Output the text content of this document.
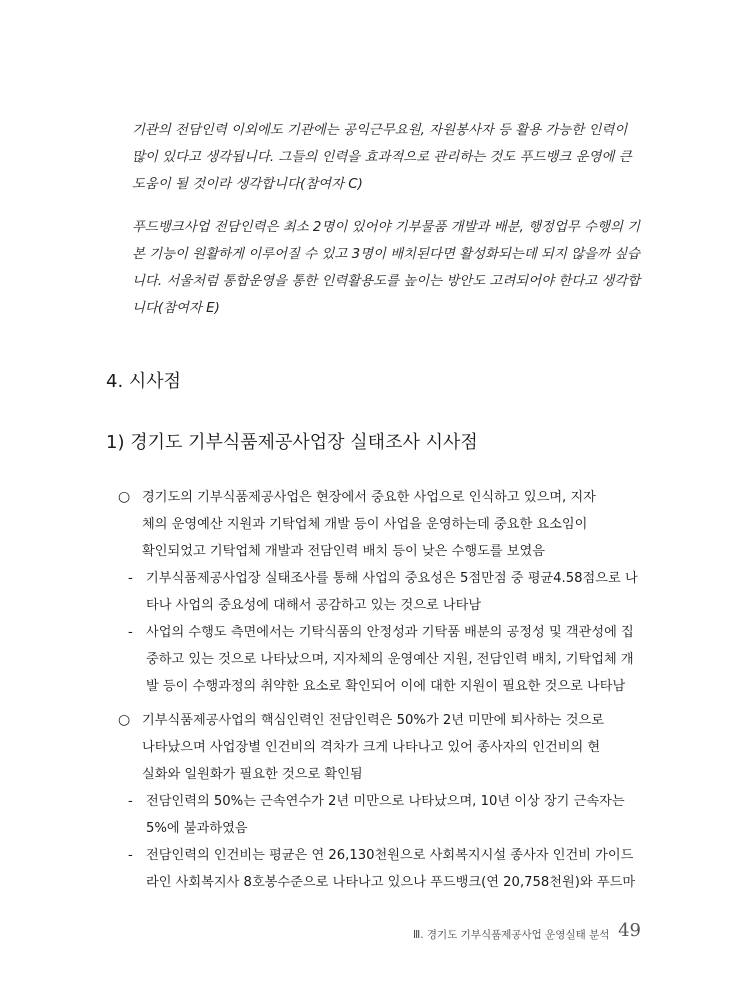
기관의 전담인력 이외에도 기관에는 공익근무요원, 자원봉사자 등 활용 가능한 인력이
많이 있다고 생각됩니다. 그들의 인력을 효과적으로 관리하는 것도 푸드뱅크 운영에 큰
도움이 될 것이라 생각합니다(참여자 C)
푸드뱅크사업 전담인력은 최소 2명이 있어야 기부물품 개발과 배분, 행정업무 수행의 기
본 기능이 원활하게 이루어질 수 있고 3명이 배치된다면 활성화되는데 되지 않을까 싶습
니다. 서울처럼 통합운영을 통한 인력활용도를 높이는 방안도 고려되어야 한다고 생각합
니다(참여자 E)
4. 시사점
1) 경기도 기부식품제공사업장 실태조사 시사점
○ 경기도의 기부식품제공사업은 현장에서 중요한 사업으로 인식하고 있으며, 지자
체의 운영예산 지원과 기탁업체 개발 등이 사업을 운영하는데 중요한 요소임이
확인되었고 기탁업체 개발과 전담인력 배치 등이 낮은 수행도를 보였음
- 기부식품제공사업장 실태조사를 통해 사업의 중요성은 5점만점 중 평균4.58점으로 나
타나 사업의 중요성에 대해서 공감하고 있는 것으로 나타남
- 사업의 수행도 측면에서는 기탁식품의 안정성과 기탁품 배분의 공정성 및 객관성에 집
중하고 있는 것으로 나타났으며, 지자체의 운영예산 지원, 전담인력 배치, 기탁업체 개
발 등이 수행과정의 취약한 요소로 확인되어 이에 대한 지원이 필요한 것으로 나타남
○ 기부식품제공사업의 핵심인력인 전담인력은 50%가 2년 미만에 퇴사하는 것으로
나타났으며 사업장별 인건비의 격차가 크게 나타나고 있어 종사자의 인건비의 현
실화와 일원화가 필요한 것으로 확인됨
- 전담인력의 50%는 근속연수가 2년 미만으로 나타났으며, 10년 이상 장기 근속자는
5%에 불과하였음
- 전담인력의 인건비는 평균은 연 26,130천원으로 사회복지시설 종사자 인건비 가이드
라인 사회복지사 8호봉수준으로 나타나고 있으나 푸드뱅크(연 20,758천원)와 푸드마
Ⅲ. 경기도 기부식품제공사업 운영실태 분석 49
